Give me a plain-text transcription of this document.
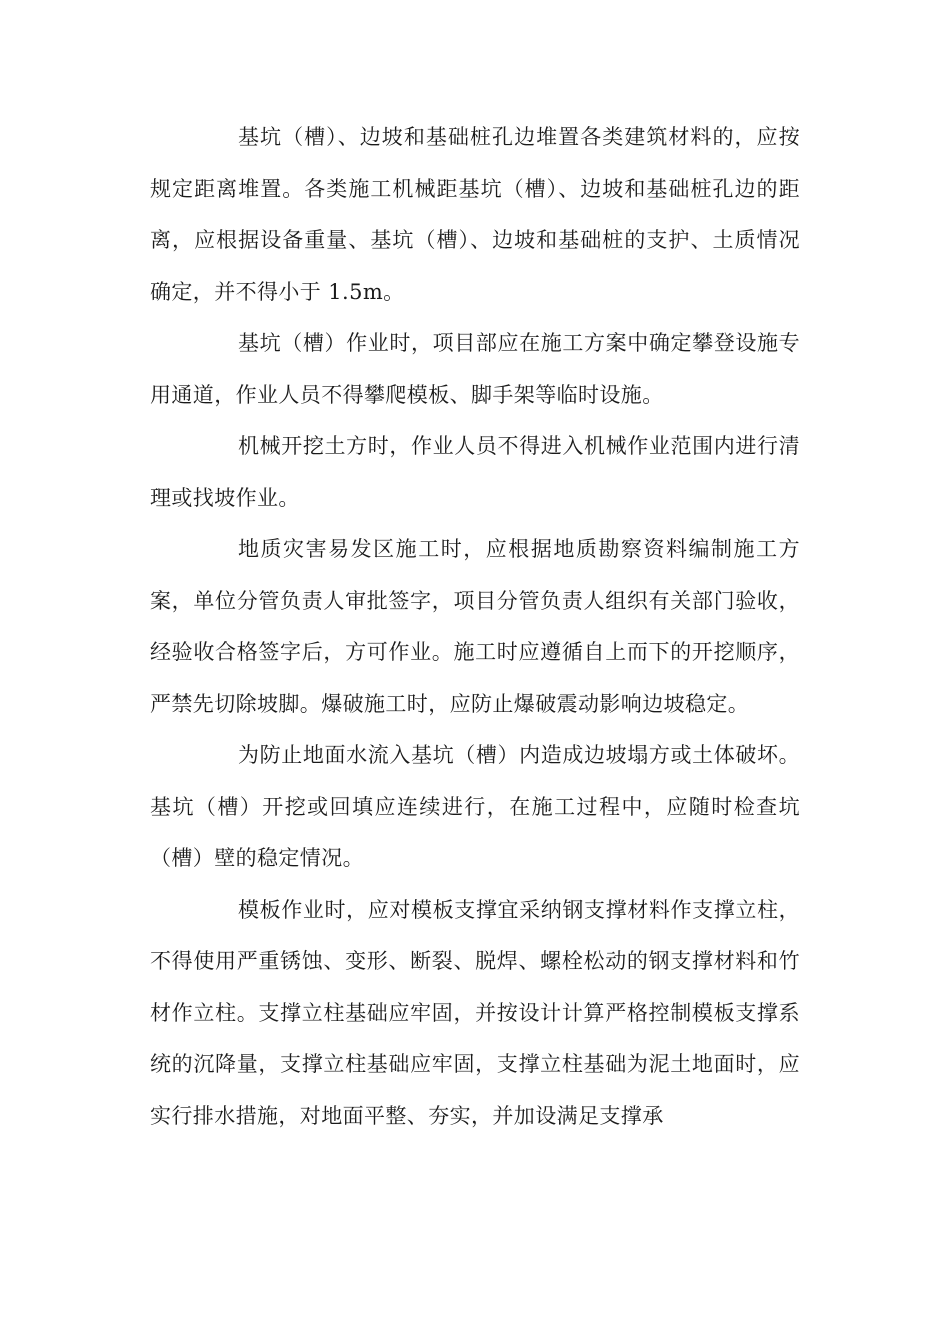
基坑（槽）、边坡和基础桩孔边堆置各类建筑材料的，应按规定距离堆置。各类施工机械距基坑（槽）、边坡和基础桩孔边的距离，应根据设备重量、基坑（槽）、边坡和基础桩的支护、土质情况确定，并不得小于 1.5m。

基坑（槽）作业时，项目部应在施工方案中确定攀登设施专用通道，作业人员不得攀爬模板、脚手架等临时设施。

机械开挖土方时，作业人员不得进入机械作业范围内进行清理或找坡作业。

地质灾害易发区施工时，应根据地质勘察资料编制施工方案，单位分管负责人审批签字，项目分管负责人组织有关部门验收，经验收合格签字后，方可作业。施工时应遵循自上而下的开挖顺序，严禁先切除坡脚。爆破施工时，应防止爆破震动影响边坡稳定。

为防止地面水流入基坑（槽）内造成边坡塌方或土体破坏。基坑（槽）开挖或回填应连续进行，在施工过程中，应随时检查坑（槽）壁的稳定情况。

模板作业时，应对模板支撑宜采纳钢支撑材料作支撑立柱，不得使用严重锈蚀、变形、断裂、脱焊、螺栓松动的钢支撑材料和竹材作立柱。支撑立柱基础应牢固，并按设计计算严格控制模板支撑系统的沉降量，支撑立柱基础应牢固，支撑立柱基础为泥土地面时，应实行排水措施，对地面平整、夯实，并加设满足支撑承
